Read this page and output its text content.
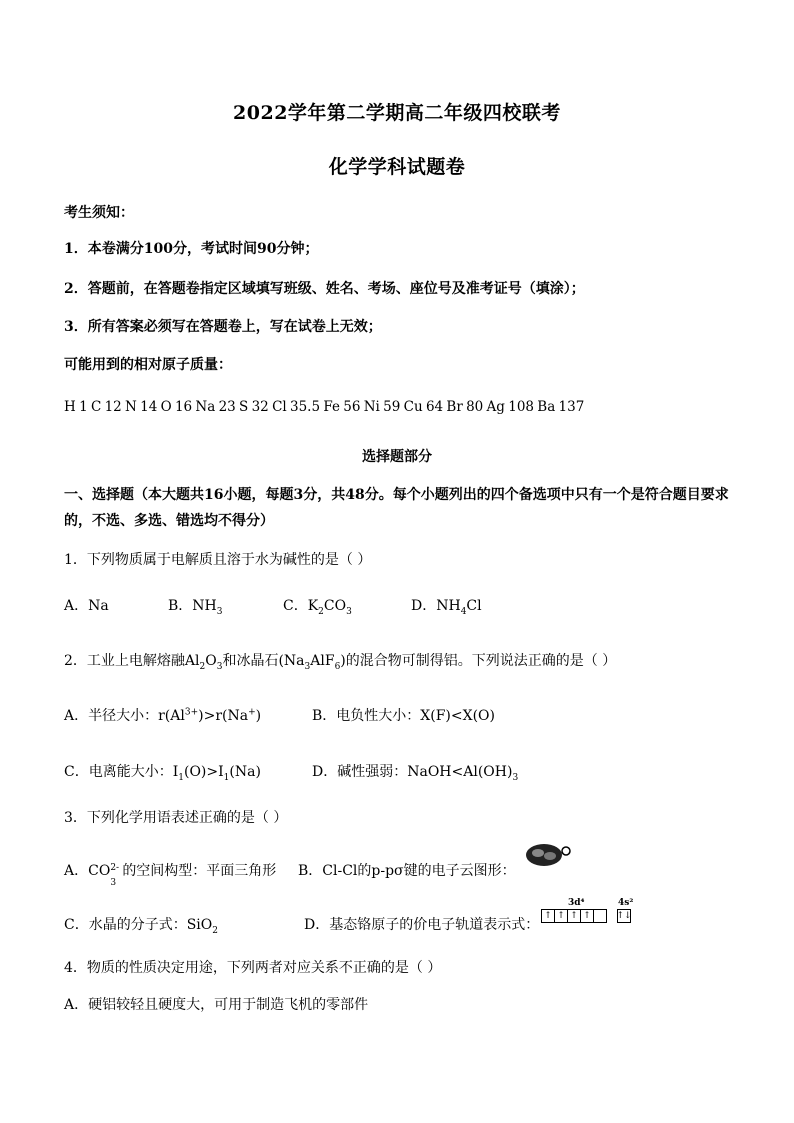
2022学年第二学期高二年级四校联考
化学学科试题卷
考生须知：
1．本卷满分100分，考试时间90分钟；
2．答题前，在答题卷指定区域填写班级、姓名、考场、座位号及准考证号（填涂）；
3．所有答案必须写在答题卷上，写在试卷上无效；
可能用到的相对原子质量：
H 1 C 12 N 14 O 16 Na 23 S 32 Cl 35.5 Fe 56 Ni 59 Cu 64 Br 80 Ag 108 Ba 137
选择题部分
一、选择题（本大题共16小题，每题3分，共48分。每个小题列出的四个备选项中只有一个是符合题目要求的，不选、多选、错选均不得分）
1．下列物质属于电解质且溶于水为碱性的是（ ）
A．Na	B．$NH_3$	C．$K_2CO_3$	D．$NH_4Cl$
2．工业上电解熔融$Al_2O_3$和冰晶石$(Na_3AlF_6)$的混合物可制得铝。下列说法正确的是（ ）
A．半径大小：$r(Al^{3+})>r(Na^+)$	B．电负性大小：X(F)<X(O)
C．电离能大小：$I_1(O)>I_1(Na)$	D．碱性强弱：$NaOH<Al(OH)_3$
3．下列化学用语表述正确的是（ ）
A．CO 2-
3
的空间构型：平面三角形 B．Cl-Cl的p-pσ键的电子云图形：
C．水晶的分子式：SiO$_2$	D．基态铬原子的价电子轨道表示式：
3d⁴	4s²
↑ ↑ ↑ ↑	↑↓
4．物质的性质决定用途，下列两者对应关系不正确的是（ ）
A．硬铝较轻且硬度大，可用于制造飞机的零部件
